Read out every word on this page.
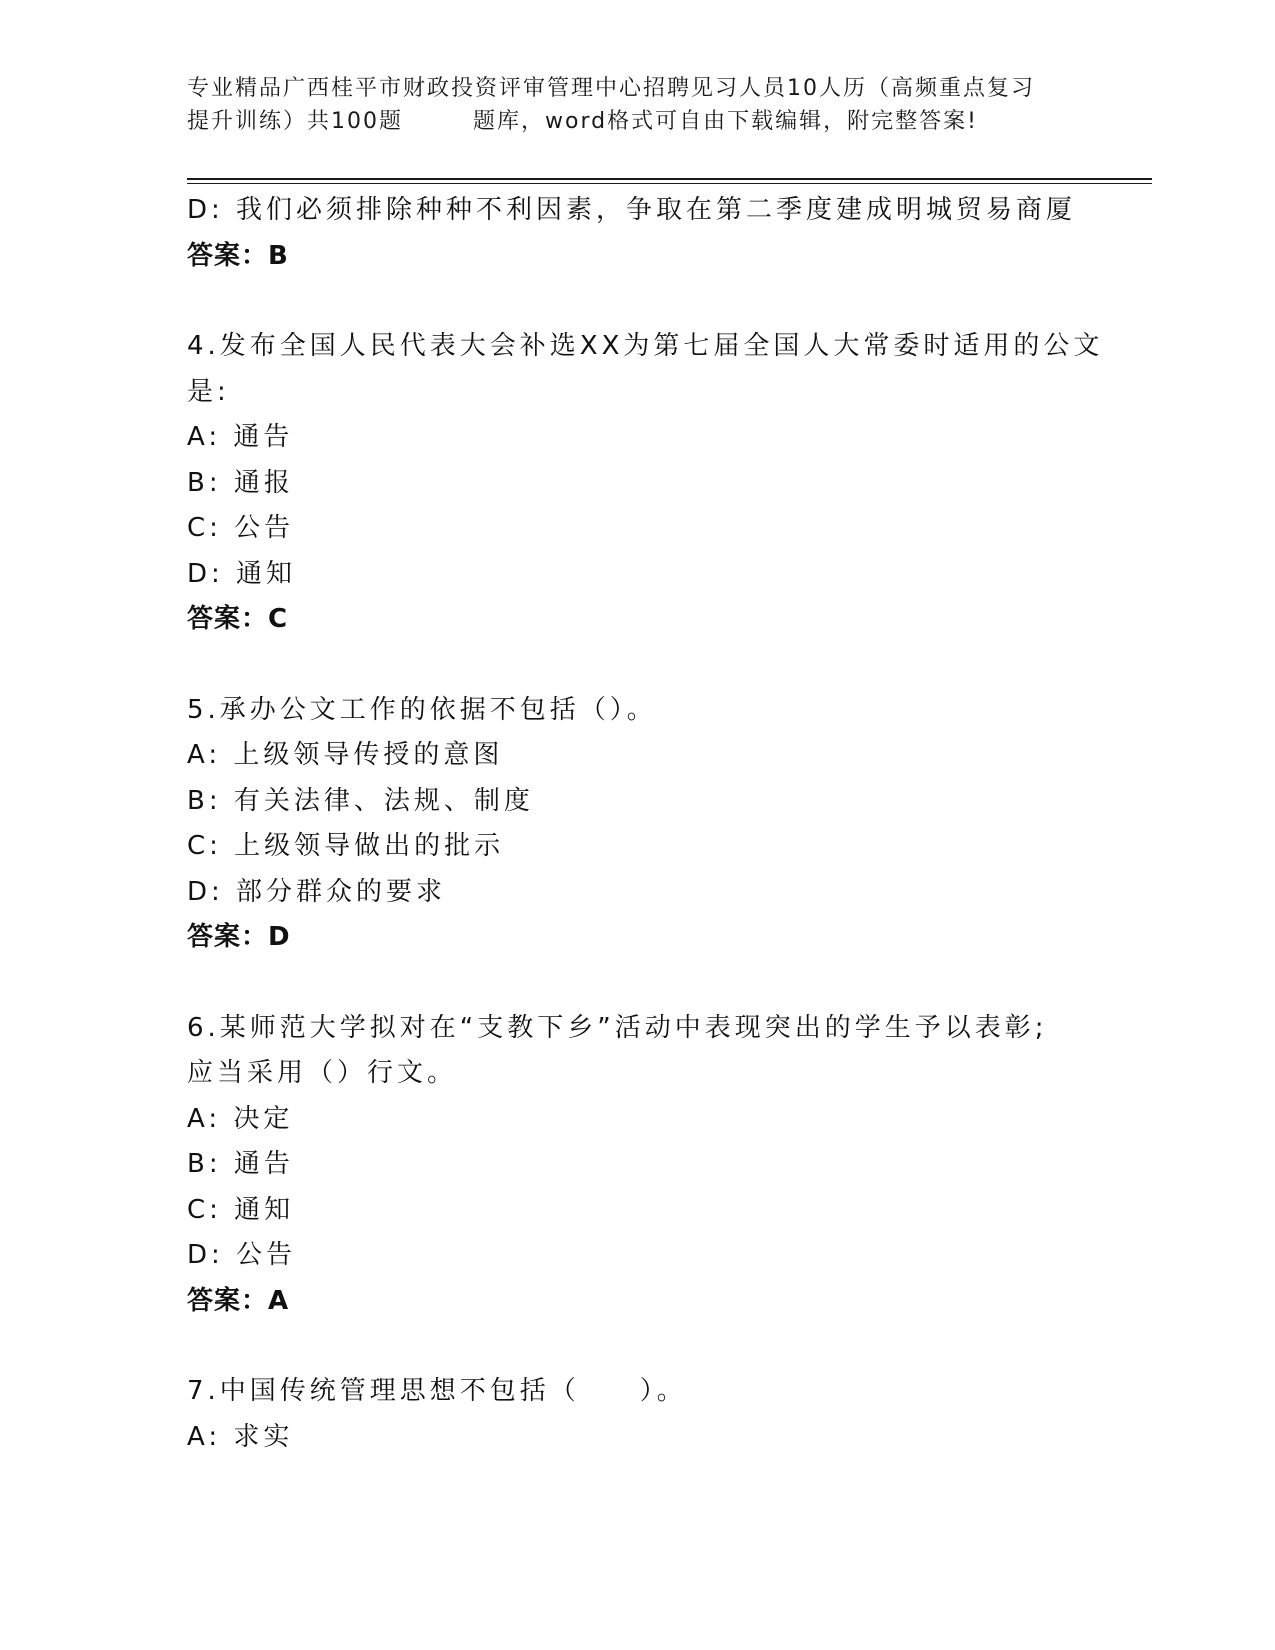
专业精品广西桂平市财政投资评审管理中心招聘见习人员10人历（高频重点复习
提升训练）共100题	题库，word格式可自由下载编辑，附完整答案!
D: 我们必须排除种种不利因素，争取在第二季度建成明城贸易商厦
答案：B
4.发布全国人民代表大会补选XX为第七届全国人大常委时适用的公文
是:
A: 通告
B: 通报
C: 公告
D: 通知
答案：C
5.承办公文工作的依据不包括（）。
A: 上级领导传授的意图
B: 有关法律、法规、制度
C: 上级领导做出的批示
D: 部分群众的要求
答案：D
6.某师范大学拟对在“支教下乡”活动中表现突出的学生予以表彰;
应当采用（）行文。
A: 决定
B: 通告
C: 通知
D: 公告
答案：A
7.中国传统管理思想不包括（　　）。
A: 求实
